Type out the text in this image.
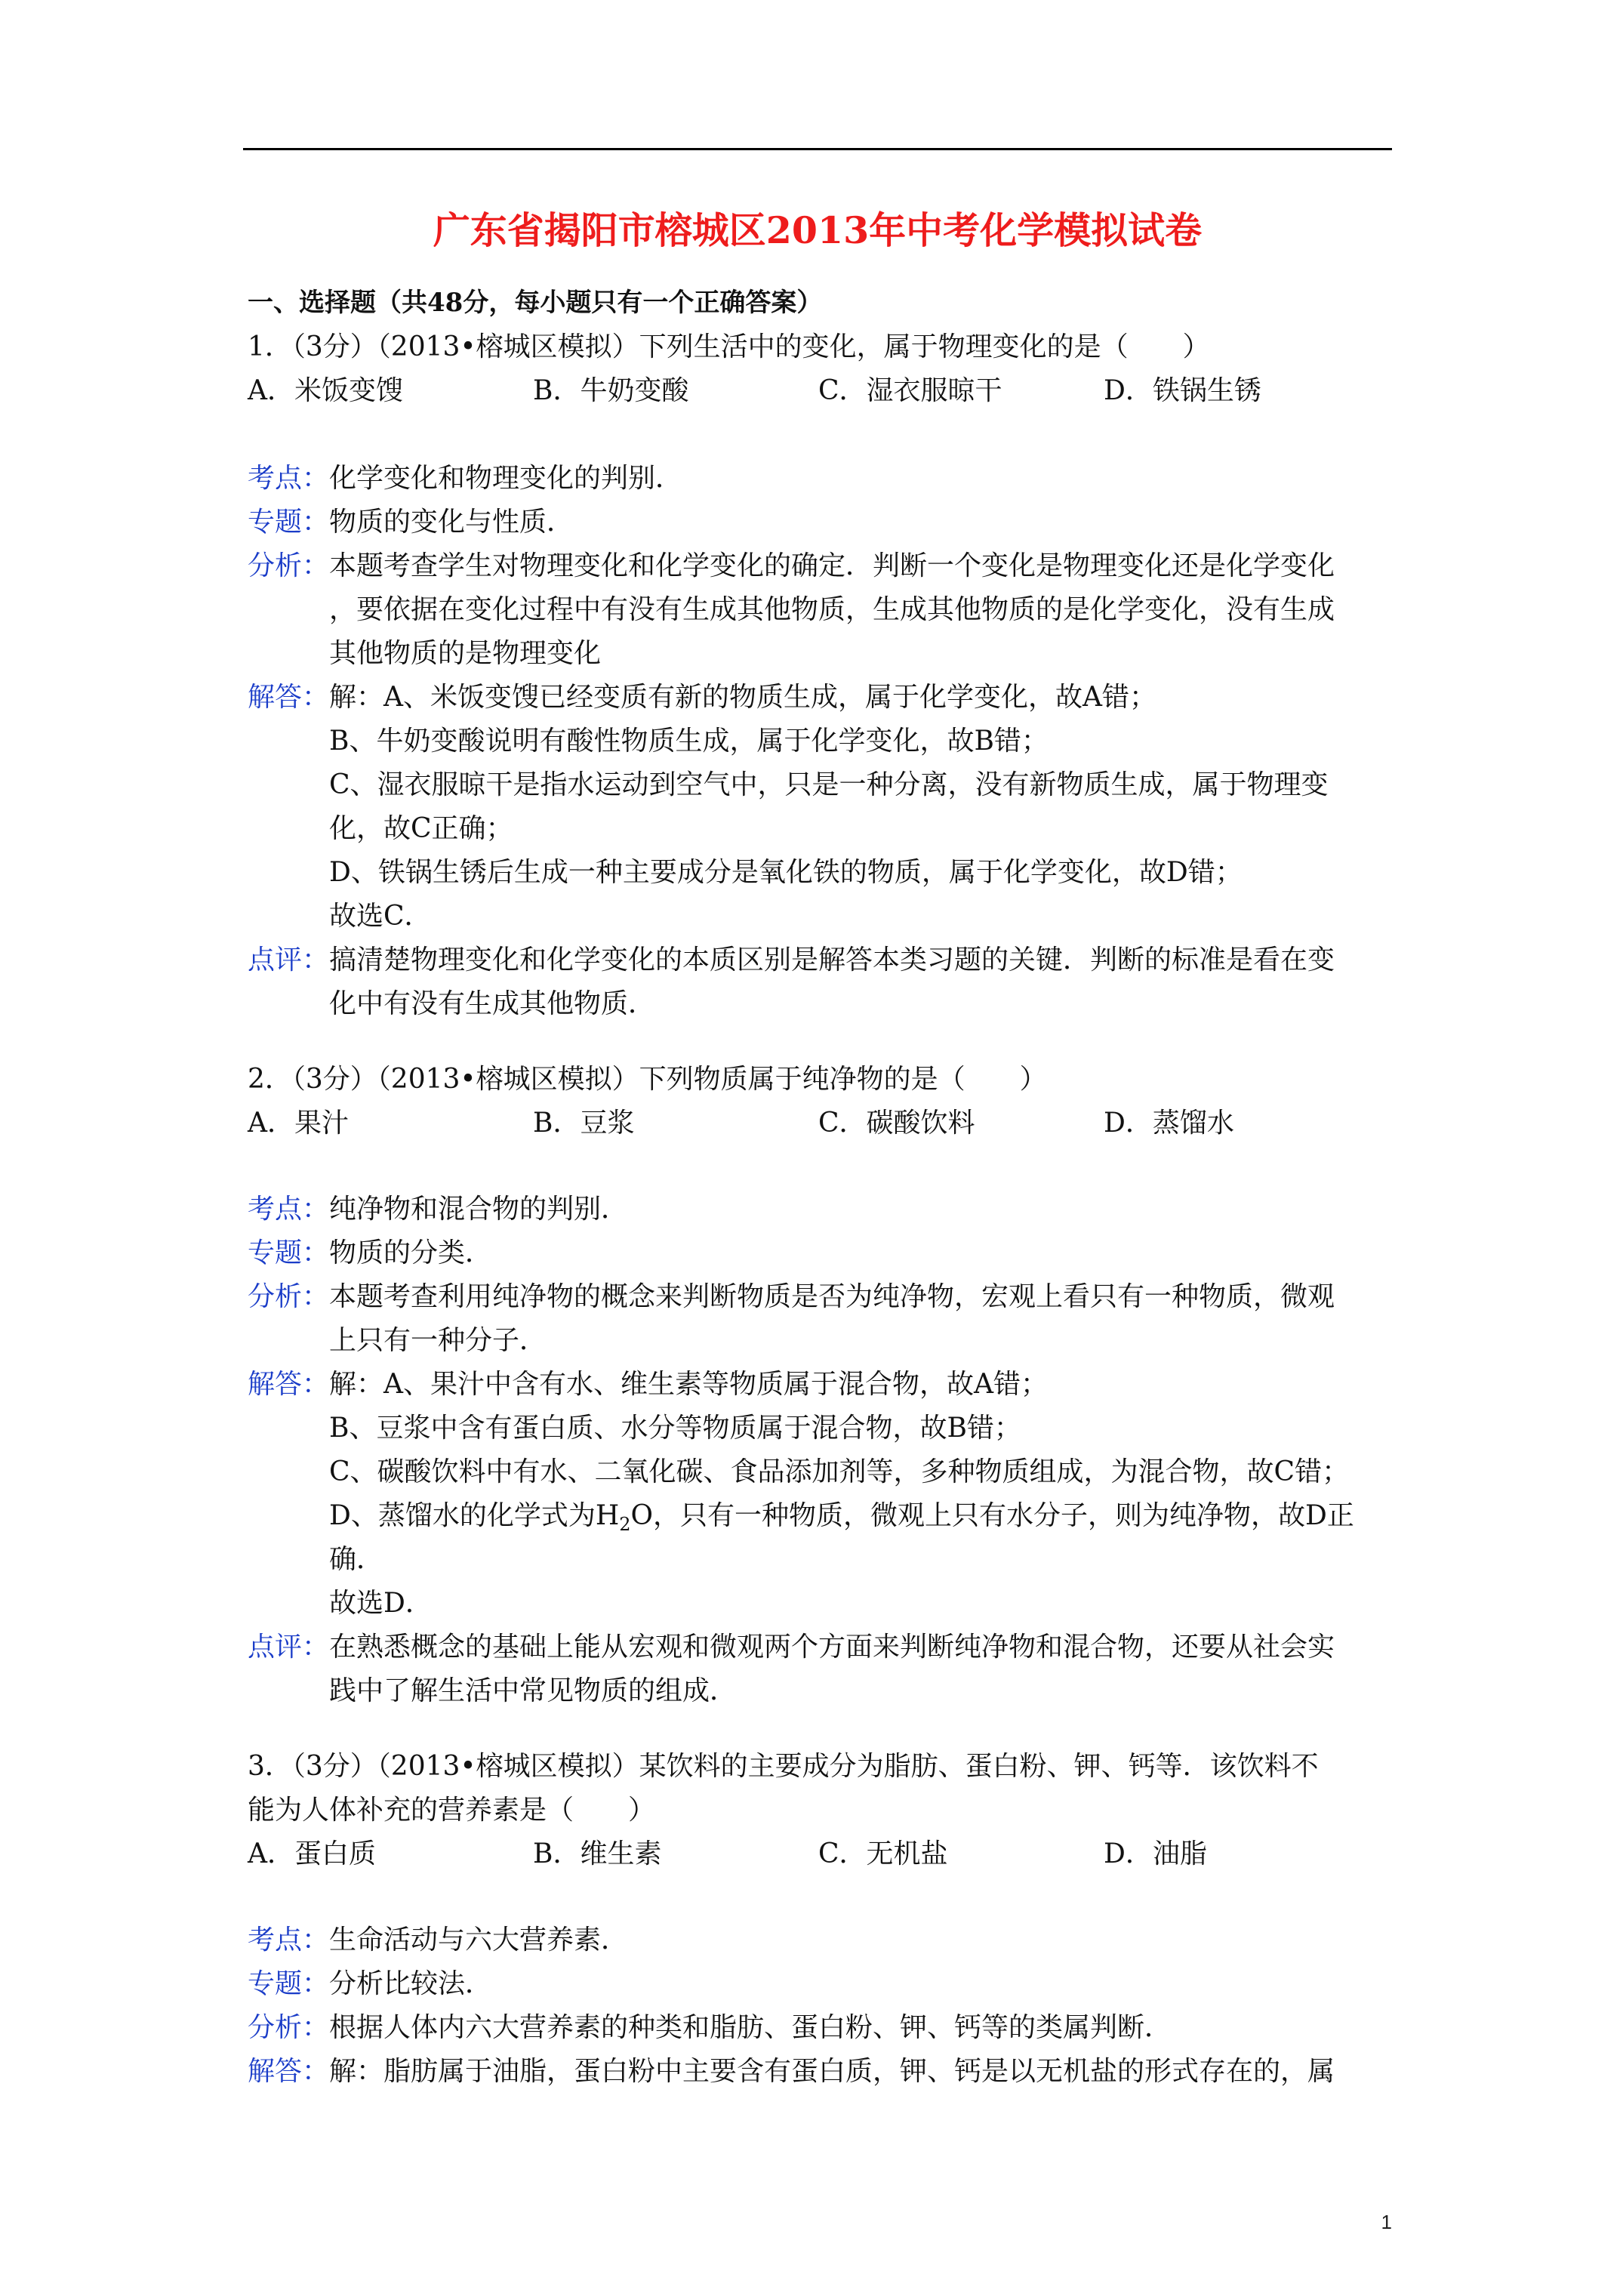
广东省揭阳市榕城区2013年中考化学模拟试卷
一、选择题（共48分，每小题只有一个正确答案）
1．（3分）（2013•榕城区模拟）下列生活中的变化，属于物理变化的是（　　）
A．米饭变馊	B．牛奶变酸	C．湿衣服晾干	D．铁锅生锈
考点： 化学变化和物理变化的判别．
专题： 物质的变化与性质．
分析： 本题考查学生对物理变化和化学变化的确定．判断一个变化是物理变化还是化学变化
，要依据在变化过程中有没有生成其他物质，生成其他物质的是化学变化，没有生成
其他物质的是物理变化
解答： 解：A、米饭变馊已经变质有新的物质生成，属于化学变化，故A错；
B、牛奶变酸说明有酸性物质生成，属于化学变化，故B错；
C、湿衣服晾干是指水运动到空气中，只是一种分离，没有新物质生成，属于物理变
化，故C正确；
D、铁锅生锈后生成一种主要成分是氧化铁的物质，属于化学变化，故D错；
故选C．
点评： 搞清楚物理变化和化学变化的本质区别是解答本类习题的关键．判断的标准是看在变
化中有没有生成其他物质．
2．（3分）（2013•榕城区模拟）下列物质属于纯净物的是（　　）
A．果汁	B．豆浆	C．碳酸饮料	D．蒸馏水
考点： 纯净物和混合物的判别．
专题： 物质的分类．
分析： 本题考查利用纯净物的概念来判断物质是否为纯净物，宏观上看只有一种物质，微观
上只有一种分子．
解答： 解：A、果汁中含有水、维生素等物质属于混合物，故A错；
B、豆浆中含有蛋白质、水分等物质属于混合物，故B错；
C、碳酸饮料中有水、二氧化碳、食品添加剂等，多种物质组成，为混合物，故C错；
D、蒸馏水的化学式为$H_2O$，只有一种物质，微观上只有水分子，则为纯净物，故D正
确．
故选D．
点评： 在熟悉概念的基础上能从宏观和微观两个方面来判断纯净物和混合物，还要从社会实
践中了解生活中常见物质的组成．
3．（3分）（2013•榕城区模拟）某饮料的主要成分为脂肪、蛋白粉、钾、钙等．该饮料不
能为人体补充的营养素是（　　）
A．蛋白质	B．维生素	C．无机盐	D．油脂
考点： 生命活动与六大营养素．
专题： 分析比较法．
分析： 根据人体内六大营养素的种类和脂肪、蛋白粉、钾、钙等的类属判断．
解答： 解：脂肪属于油脂，蛋白粉中主要含有蛋白质，钾、钙是以无机盐的形式存在的，属
1
